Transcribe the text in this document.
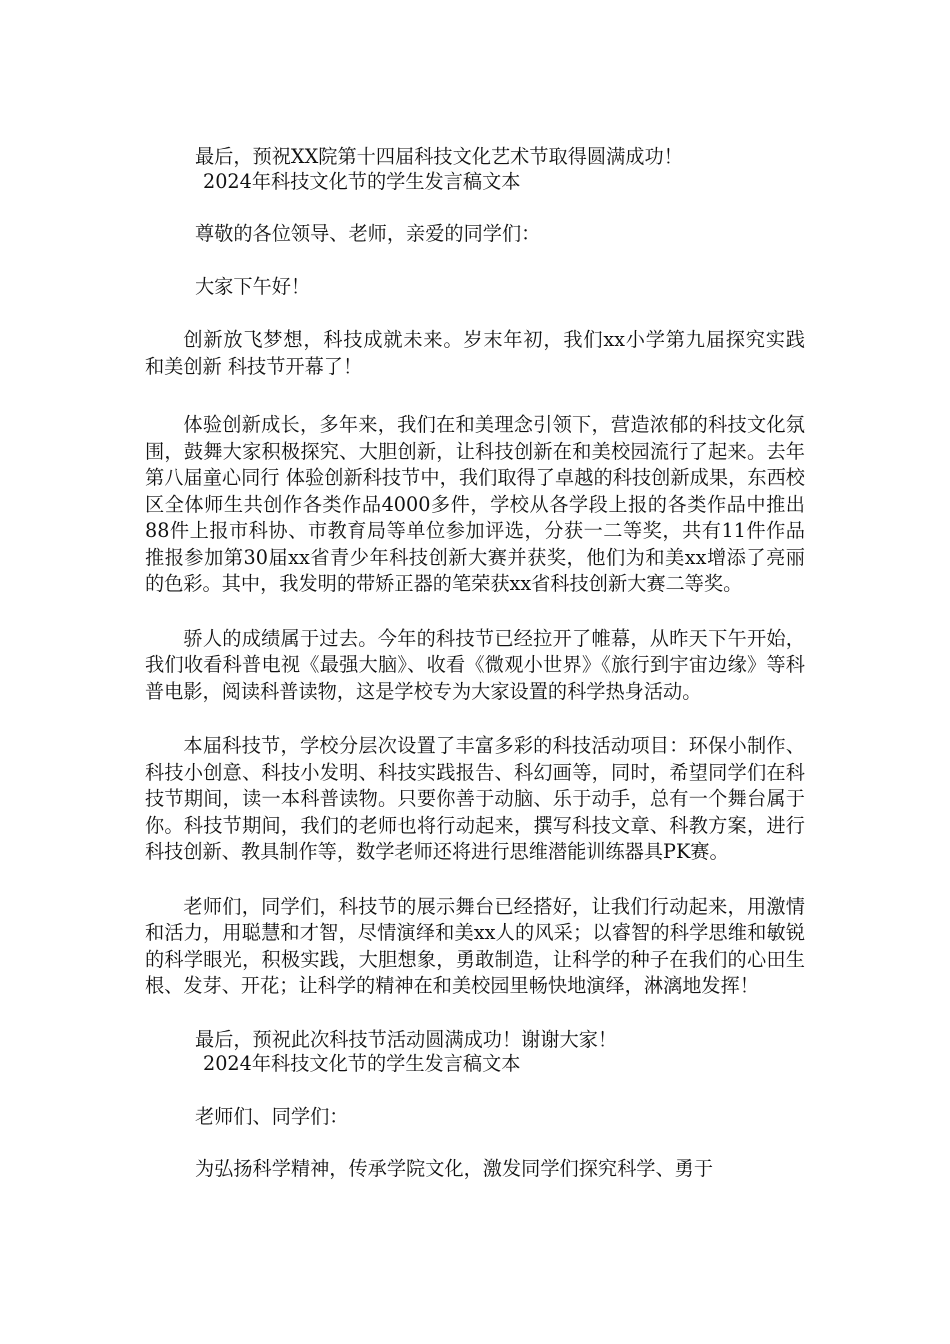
最后，预祝XX院第十四届科技文化艺术节取得圆满成功！
2024年科技文化节的学生发言稿文本
尊敬的各位领导、老师，亲爱的同学们：
大家下午好！

创新放飞梦想，科技成就未来。岁末年初，我们xx小学第九届探究实践 和美创新 科技节开幕了！

体验创新成长，多年来，我们在和美理念引领下，营造浓郁的科技文化氛围，鼓舞大家积极探究、大胆创新，让科技创新在和美校园流行了起来。去年第八届童心同行 体验创新科技节中，我们取得了卓越的科技创新成果，东西校区全体师生共创作各类作品4000多件，学校从各学段上报的各类作品中推出88件上报市科协、市教育局等单位参加评选，分获一二等奖，共有11件作品推报参加第30届xx省青少年科技创新大赛并获奖，他们为和美xx增添了亮丽的色彩。其中，我发明的带矫正器的笔荣获xx省科技创新大赛二等奖。

骄人的成绩属于过去。今年的科技节已经拉开了帷幕，从昨天下午开始，我们收看科普电视《最强大脑》、收看《微观小世界》《旅行到宇宙边缘》等科普电影，阅读科普读物，这是学校专为大家设置的科学热身活动。

本届科技节，学校分层次设置了丰富多彩的科技活动项目：环保小制作、科技小创意、科技小发明、科技实践报告、科幻画等，同时，希望同学们在科技节期间，读一本科普读物。只要你善于动脑、乐于动手，总有一个舞台属于你。科技节期间，我们的老师也将行动起来，撰写科技文章、科教方案，进行科技创新、教具制作等，数学老师还将进行思维潜能训练器具PK赛。

老师们，同学们，科技节的展示舞台已经搭好，让我们行动起来，用激情和活力，用聪慧和才智，尽情演绎和美xx人的风采；以睿智的科学思维和敏锐的科学眼光，积极实践，大胆想象，勇敢制造，让科学的种子在我们的心田生根、发芽、开花；让科学的精神在和美校园里畅快地演绎，淋漓地发挥！

最后，预祝此次科技节活动圆满成功！谢谢大家！
2024年科技文化节的学生发言稿文本
老师们、同学们：
为弘扬科学精神，传承学院文化，激发同学们探究科学、勇于
